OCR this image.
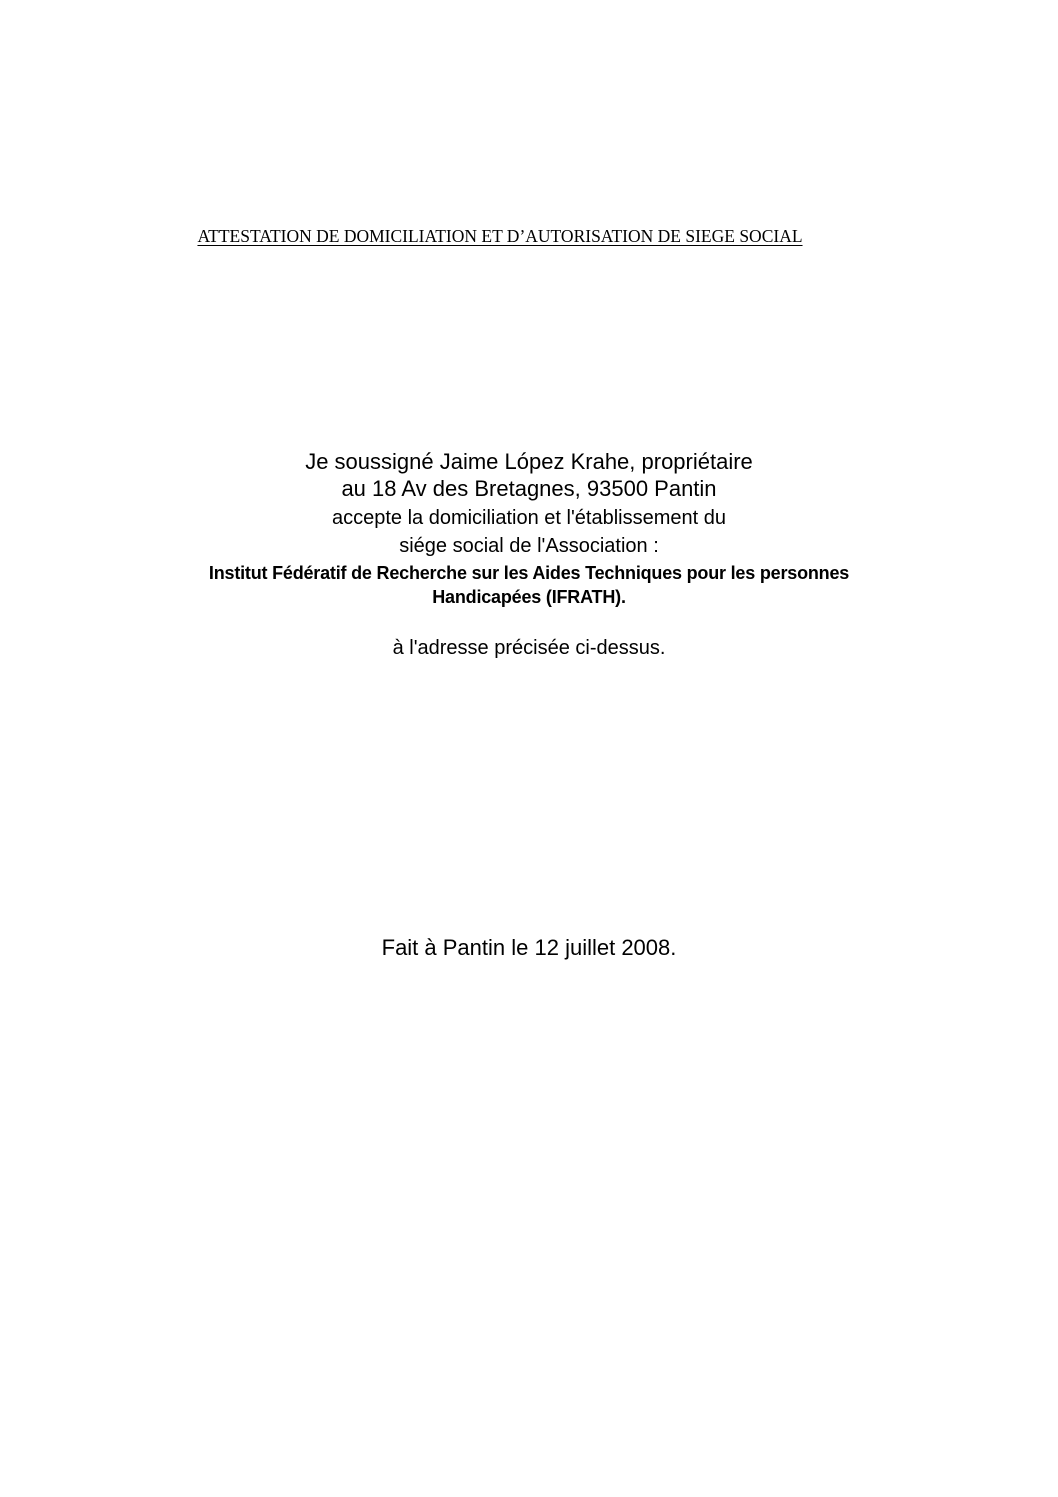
ATTESTATION DE DOMICILIATION ET D’AUTORISATION DE SIEGE SOCIAL
Je soussigné Jaime López Krahe, propriétaire
au 18 Av des Bretagnes, 93500 Pantin
accepte la domiciliation et l'établissement du
siége social de l'Association :
Institut Fédératif de Recherche sur les Aides Techniques pour les personnes
Handicapées (IFRATH).
à l'adresse précisée ci-dessus.
Fait à Pantin le 12 juillet 2008.
